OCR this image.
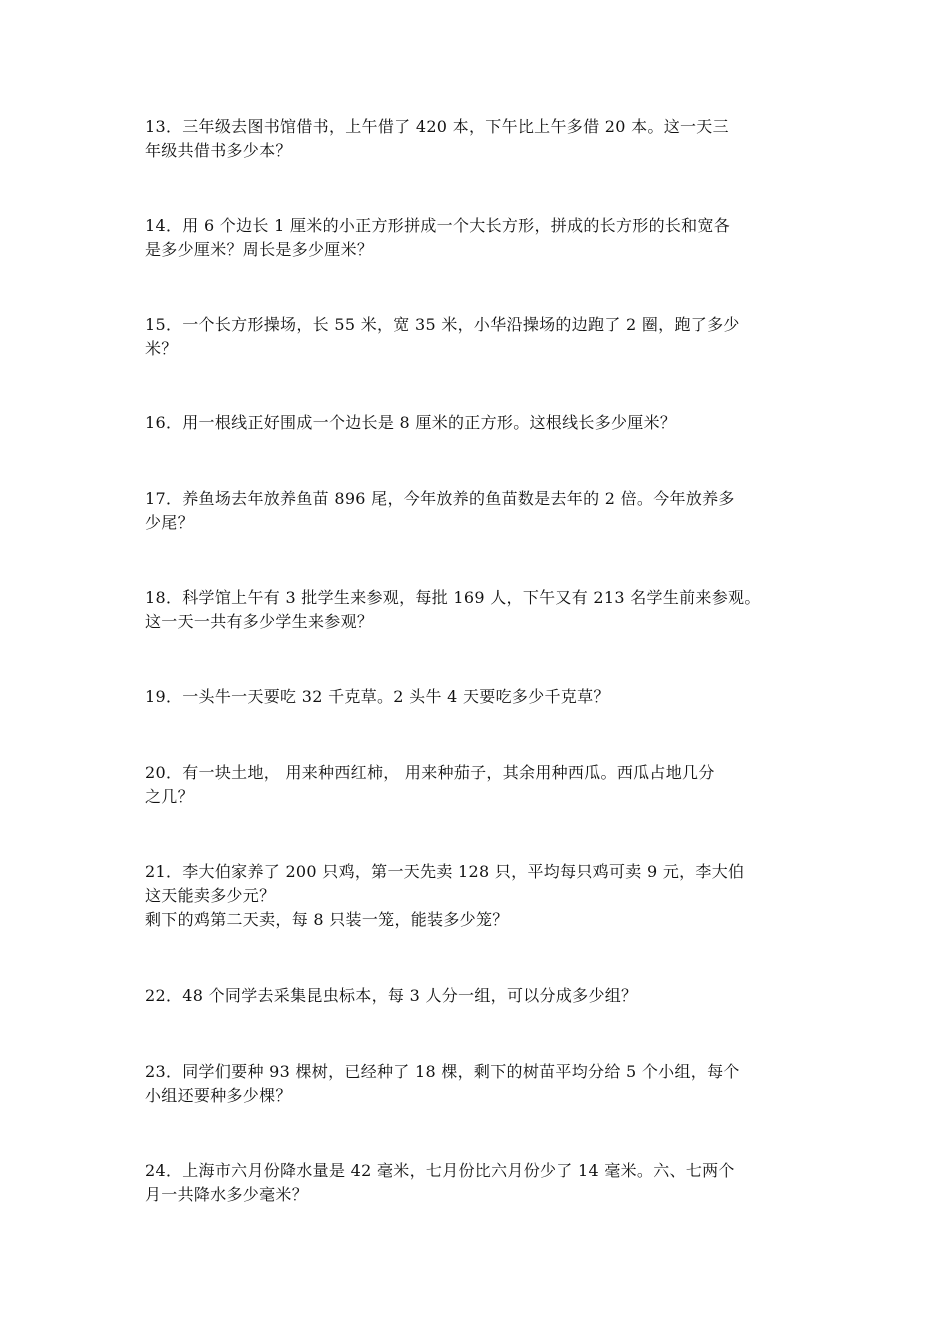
13．三年级去图书馆借书，上午借了 420 本，下午比上午多借 20 本。这一天三
年级共借书多少本？
14．用 6 个边长 1 厘米的小正方形拼成一个大长方形，拼成的长方形的长和宽各
是多少厘米？周长是多少厘米？
15．一个长方形操场，长 55 米，宽 35 米，小华沿操场的边跑了 2 圈，跑了多少
米？
16．用一根线正好围成一个边长是 8 厘米的正方形。这根线长多少厘米？
17．养鱼场去年放养鱼苗 896 尾，今年放养的鱼苗数是去年的 2 倍。今年放养多
少尾？
18．科学馆上午有 3 批学生来参观，每批 169 人，下午又有 213 名学生前来参观。
这一天一共有多少学生来参观？
19．一头牛一天要吃 32 千克草。2 头牛 4 天要吃多少千克草？
20．有一块土地， 用来种西红柿， 用来种茄子，其余用种西瓜。西瓜占地几分
之几？
21．李大伯家养了 200 只鸡，第一天先卖 128 只，平均每只鸡可卖 9 元，李大伯
这天能卖多少元？
剩下的鸡第二天卖，每 8 只装一笼，能装多少笼？
22．48 个同学去采集昆虫标本，每 3 人分一组，可以分成多少组？
23．同学们要种 93 棵树，已经种了 18 棵，剩下的树苗平均分给 5 个小组，每个
小组还要种多少棵？
24．上海市六月份降水量是 42 毫米，七月份比六月份少了 14 毫米。六、七两个
月一共降水多少毫米？
